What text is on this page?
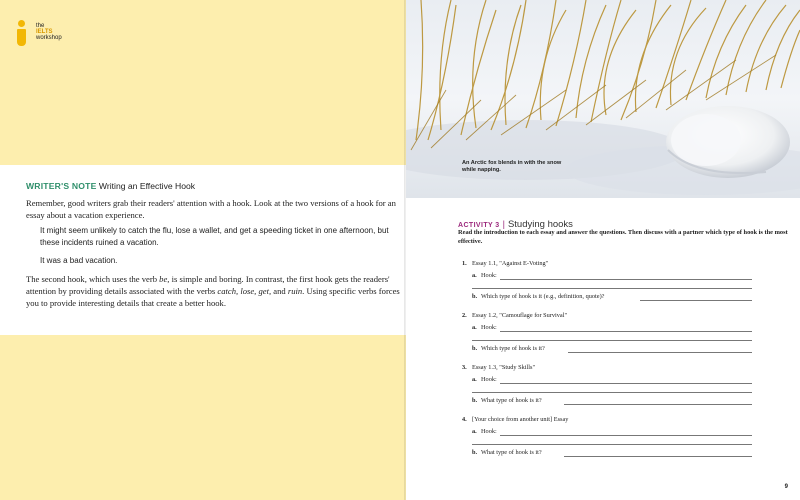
the
IELTS
workshop
WRITER'S NOTE Writing an Effective Hook

Remember, good writers grab their readers' attention with a hook. Look at the two versions of a hook for an essay about a vacation experience.

It might seem unlikely to catch the flu, lose a wallet, and get a speeding ticket in one afternoon, but these incidents ruined a vacation.

It was a bad vacation.

The second hook, which uses the verb be, is simple and boring. In contrast, the first hook gets the readers' attention by providing details associated with the verbs catch, lose, get, and ruin. Using specific verbs forces you to provide interesting details that create a better hook.

An Arctic fox blends in with the snow while napping.
ACTIVITY 3 | Studying hooks
Read the introduction to each essay and answer the questions. Then discuss with a partner which type of hook is the most effective.
1. Essay 1.1, "Against E-Voting"
a. Hook:
b. Which type of hook is it (e.g., definition, quote)?
2. Essay 1.2, "Camouflage for Survival"
a. Hook:
b. Which type of hook is it?
3. Essay 1.3, "Study Skills"
a. Hook:
b. What type of hook is it?
4. [Your choice from another unit] Essay
a. Hook:
b. What type of hook is it?
9
